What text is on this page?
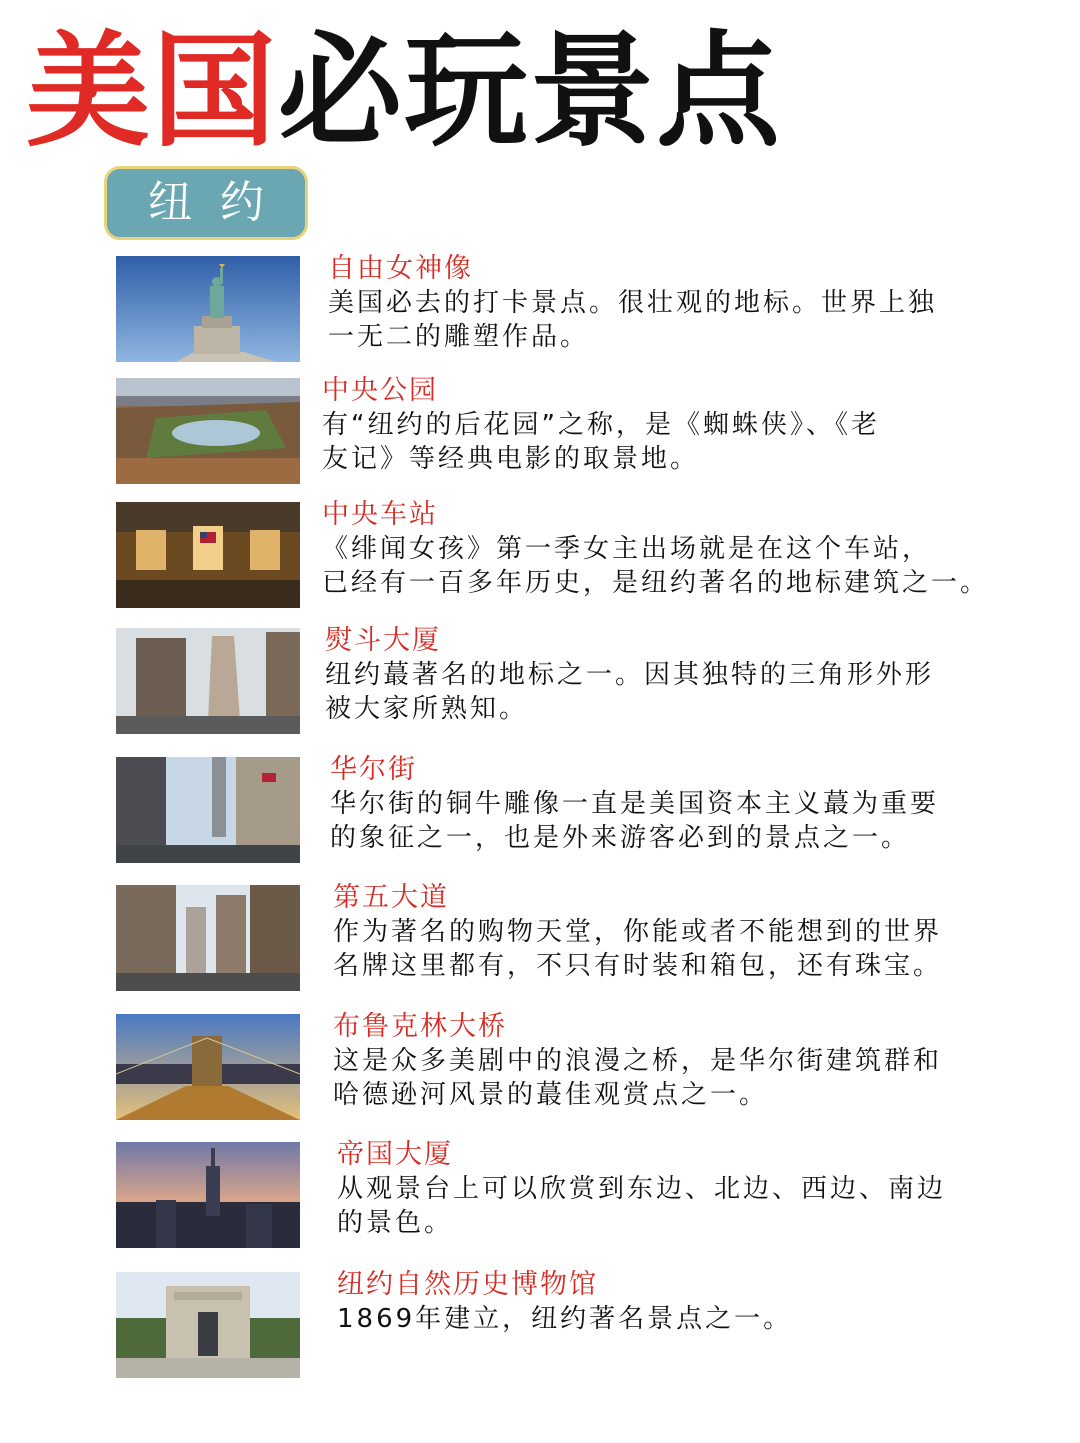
美国必玩景点
纽约
自由女神像
美国必去的打卡景点。很壮观的地标。世界上独
一无二的雕塑作品。
中央公园
有“纽约的后花园”之称，是《蜘蛛侠》、《老
友记》等经典电影的取景地。
中央车站
《绯闻女孩》第一季女主出场就是在这个车站，
已经有一百多年历史，是纽约著名的地标建筑之一。
熨斗大厦
纽约蕞著名的地标之一。因其独特的三角形外形
被大家所熟知。
华尔街
华尔街的铜牛雕像一直是美国资本主义蕞为重要
的象征之一，也是外来游客必到的景点之一。
第五大道
作为著名的购物天堂，你能或者不能想到的世界
名牌这里都有，不只有时装和箱包，还有珠宝。
布鲁克林大桥
这是众多美剧中的浪漫之桥，是华尔街建筑群和
哈德逊河风景的蕞佳观赏点之一。
帝国大厦
从观景台上可以欣赏到东边、北边、西边、南边
的景色。
纽约自然历史博物馆
1869年建立，纽约著名景点之一。
